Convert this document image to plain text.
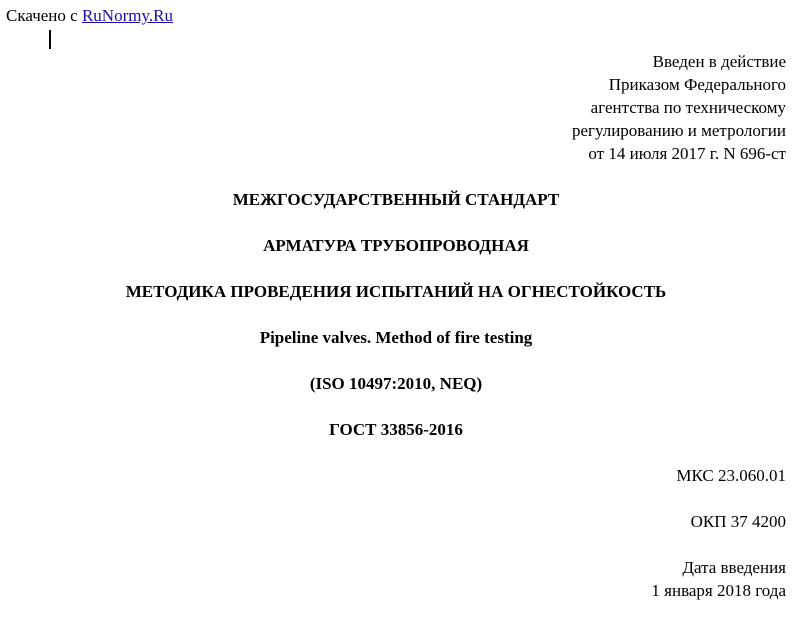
Скачено с RuNormy.Ru
Введен в действие
Приказом Федерального
агентства по техническому
регулированию и метрологии
от 14 июля 2017 г. N 696-ст
МЕЖГОСУДАРСТВЕННЫЙ СТАНДАРТ
АРМАТУРА ТРУБОПРОВОДНАЯ
МЕТОДИКА ПРОВЕДЕНИЯ ИСПЫТАНИЙ НА ОГНЕСТОЙКОСТЬ
Pipeline valves. Method of fire testing
(ISO 10497:2010, NEQ)
ГОСТ 33856-2016
МКС 23.060.01
ОКП 37 4200
Дата введения
1 января 2018 года
